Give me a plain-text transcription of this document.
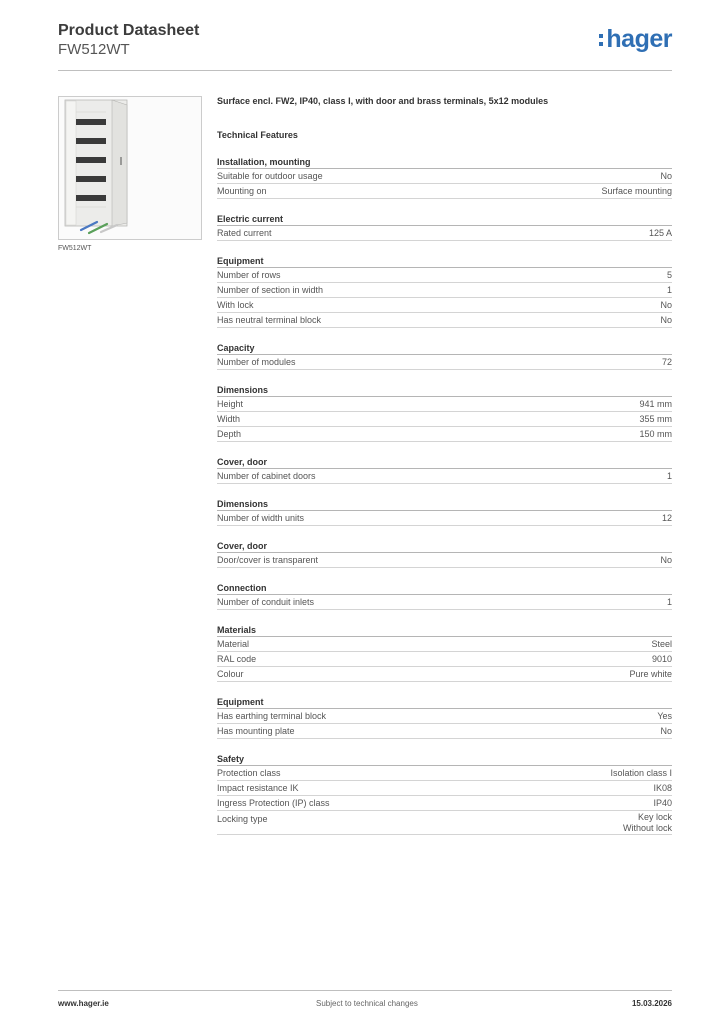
Product Datasheet
FW512WT	hager
FW512WT
Surface encl. FW2, IP40, class I, with door and brass terminals, 5x12 modules
Technical Features
Installation, mounting
Suitable for outdoor usage	No
Mounting on	Surface mounting
Electric current
Rated current	125 A
Equipment
Number of rows	5
Number of section in width	1
With lock	No
Has neutral terminal block	No
Capacity
Number of modules	72
Dimensions
Height	941 mm
Width	355 mm
Depth	150 mm
Cover, door
Number of cabinet doors	1
Dimensions
Number of width units	12
Cover, door
Door/cover is transparent	No
Connection
Number of conduit inlets	1
Materials
Material	Steel
RAL code	9010
Colour	Pure white
Equipment
Has earthing terminal block	Yes
Has mounting plate	No
Safety
Protection class	Isolation class I
Impact resistance IK	IK08
Ingress Protection (IP) class	IP40
Locking type	Key lock
Without lock
www.hager.ie	Subject to technical changes	15.03.2026
